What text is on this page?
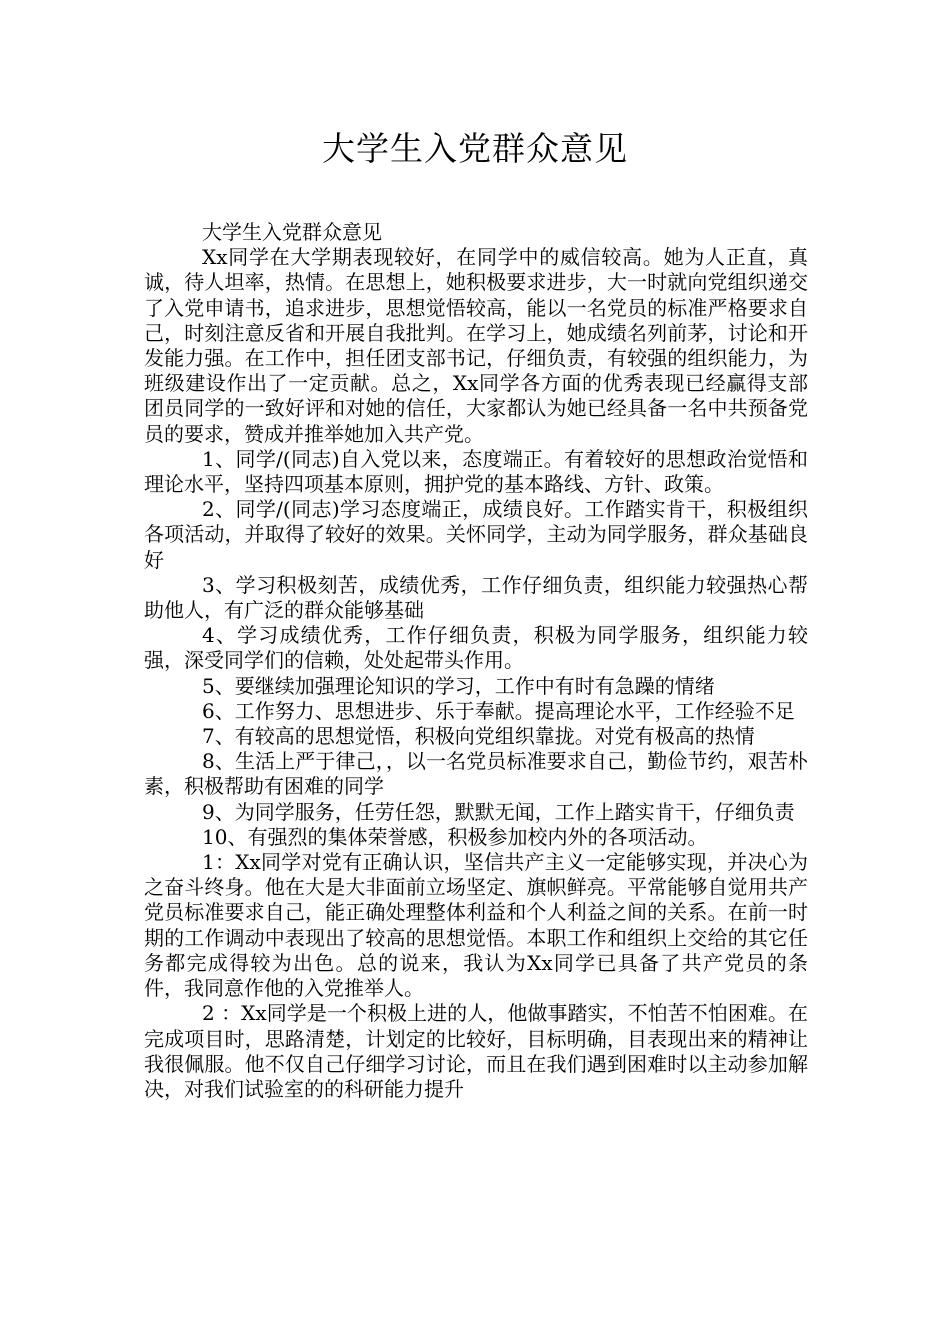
大学生入党群众意见

大学生入党群众意见

Xx同学在大学期表现较好，在同学中的威信较高。她为人正直，真诚，待人坦率，热情。在思想上，她积极要求进步，大一时就向党组织递交了入党申请书，追求进步，思想觉悟较高，能以一名党员的标准严格要求自己，时刻注意反省和开展自我批判。在学习上，她成绩名列前茅，讨论和开发能力强。在工作中，担任团支部书记，仔细负责，有较强的组织能力，为班级建设作出了一定贡献。总之，Xx同学各方面的优秀表现已经赢得支部团员同学的一致好评和对她的信任，大家都认为她已经具备一名中共预备党员的要求，赞成并推举她加入共产党。

1、同学/(同志)自入党以来，态度端正。有着较好的思想政治觉悟和理论水平，坚持四项基本原则，拥护党的基本路线、方针、政策。

2、同学/(同志)学习态度端正，成绩良好。工作踏实肯干，积极组织各项活动，并取得了较好的效果。关怀同学，主动为同学服务，群众基础良好

3、学习积极刻苦，成绩优秀，工作仔细负责，组织能力较强热心帮助他人，有广泛的群众能够基础

4、学习成绩优秀，工作仔细负责，积极为同学服务，组织能力较强，深受同学们的信赖，处处起带头作用。

5、要继续加强理论知识的学习，工作中有时有急躁的情绪

6、工作努力、思想进步、乐于奉献。提高理论水平，工作经验不足

7、有较高的思想觉悟，积极向党组织靠拢。对党有极高的热情

8、生活上严于律己，，以一名党员标准要求自己，勤俭节约，艰苦朴素，积极帮助有困难的同学

9、为同学服务，任劳任怨，默默无闻，工作上踏实肯干，仔细负责

10、有强烈的集体荣誉感，积极参加校内外的各项活动。

1：Xx同学对党有正确认识，坚信共产主义一定能够实现，并决心为之奋斗终身。他在大是大非面前立场坚定、旗帜鲜亮。平常能够自觉用共产党员标准要求自己，能正确处理整体利益和个人利益之间的关系。在前一时期的工作调动中表现出了较高的思想觉悟。本职工作和组织上交给的其它任务都完成得较为出色。总的说来，我认为Xx同学已具备了共产党员的条件，我同意作他的入党推举人。

2 ：Xx同学是一个积极上进的人，他做事踏实，不怕苦不怕困难。在完成项目时，思路清楚，计划定的比较好，目标明确，目表现出来的精神让我很佩服。他不仅自己仔细学习讨论，而且在我们遇到困难时以主动参加解决，对我们试验室的的科研能力提升
